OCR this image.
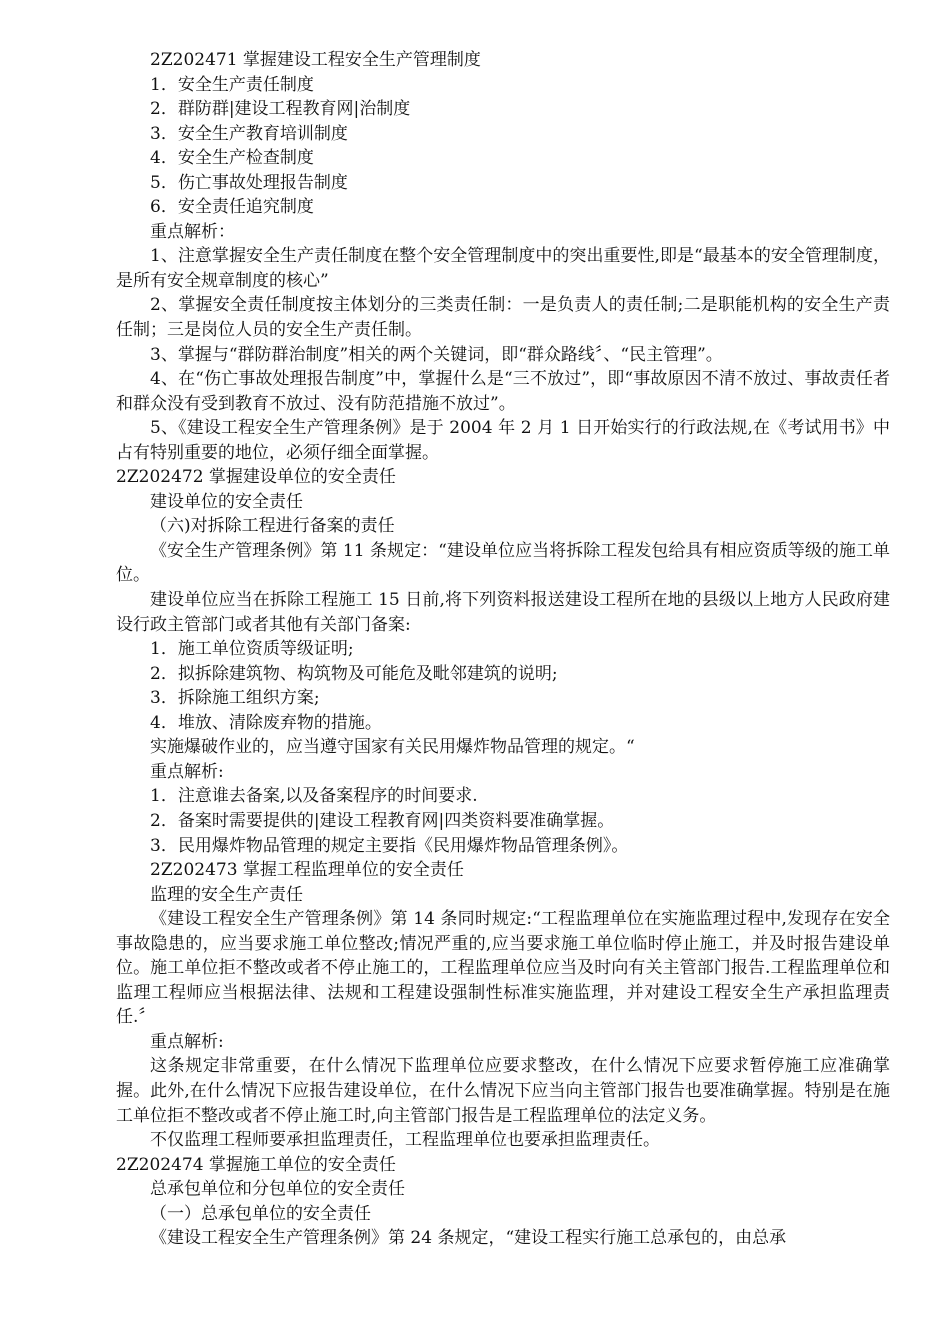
2Z202471 掌握建设工程安全生产管理制度

1．安全生产责任制度

2．群防群|建设工程教育网|治制度

3．安全生产教育培训制度

4．安全生产检查制度

5．伤亡事故处理报告制度

6．安全责任追究制度

重点解析：

1、注意掌握安全生产责任制度在整个安全管理制度中的突出重要性,即是“最基本的安全管理制度，是所有安全规章制度的核心”

2、掌握安全责任制度按主体划分的三类责任制：一是负责人的责任制;二是职能机构的安全生产责任制；三是岗位人员的安全生产责任制。

3、掌握与“群防群治制度”相关的两个关键词，即“群众路线〞、“民主管理”。

4、在“伤亡事故处理报告制度”中，掌握什么是“三不放过”，即“事故原因不清不放过、事故责任者和群众没有受到教育不放过、没有防范措施不放过”。

5、《建设工程安全生产管理条例》是于 2004 年 2 月 1 日开始实行的行政法规,在《考试用书》中占有特别重要的地位，必须仔细全面掌握。

2Z202472 掌握建设单位的安全责任

建设单位的安全责任

（六)对拆除工程进行备案的责任

《安全生产管理条例》第 11 条规定：“建设单位应当将拆除工程发包给具有相应资质等级的施工单位。

建设单位应当在拆除工程施工 15 日前,将下列资料报送建设工程所在地的县级以上地方人民政府建设行政主管部门或者其他有关部门备案:

1．施工单位资质等级证明;

2．拟拆除建筑物、构筑物及可能危及毗邻建筑的说明;

3．拆除施工组织方案;

4．堆放、清除废弃物的措施。

实施爆破作业的，应当遵守国家有关民用爆炸物品管理的规定。“

重点解析:

1．注意谁去备案,以及备案程序的时间要求.

2．备案时需要提供的|建设工程教育网|四类资料要准确掌握。

3．民用爆炸物品管理的规定主要指《民用爆炸物品管理条例》。

2Z202473 掌握工程监理单位的安全责任

监理的安全生产责任

《建设工程安全生产管理条例》第 14 条同时规定:“工程监理单位在实施监理过程中,发现存在安全事故隐患的，应当要求施工单位整改;情况严重的,应当要求施工单位临时停止施工，并及时报告建设单位。施工单位拒不整改或者不停止施工的，工程监理单位应当及时向有关主管部门报告.工程监理单位和监理工程师应当根据法律、法规和工程建设强制性标准实施监理，并对建设工程安全生产承担监理责任.〞

重点解析:

这条规定非常重要，在什么情况下监理单位应要求整改，在什么情况下应要求暂停施工应准确掌握。此外,在什么情况下应报告建设单位，在什么情况下应当向主管部门报告也要准确掌握。特别是在施工单位拒不整改或者不停止施工时,向主管部门报告是工程监理单位的法定义务。

不仅监理工程师要承担监理责任，工程监理单位也要承担监理责任。

2Z202474 掌握施工单位的安全责任

总承包单位和分包单位的安全责任

（一）总承包单位的安全责任

《建设工程安全生产管理条例》第 24 条规定，“建设工程实行施工总承包的，由总承
